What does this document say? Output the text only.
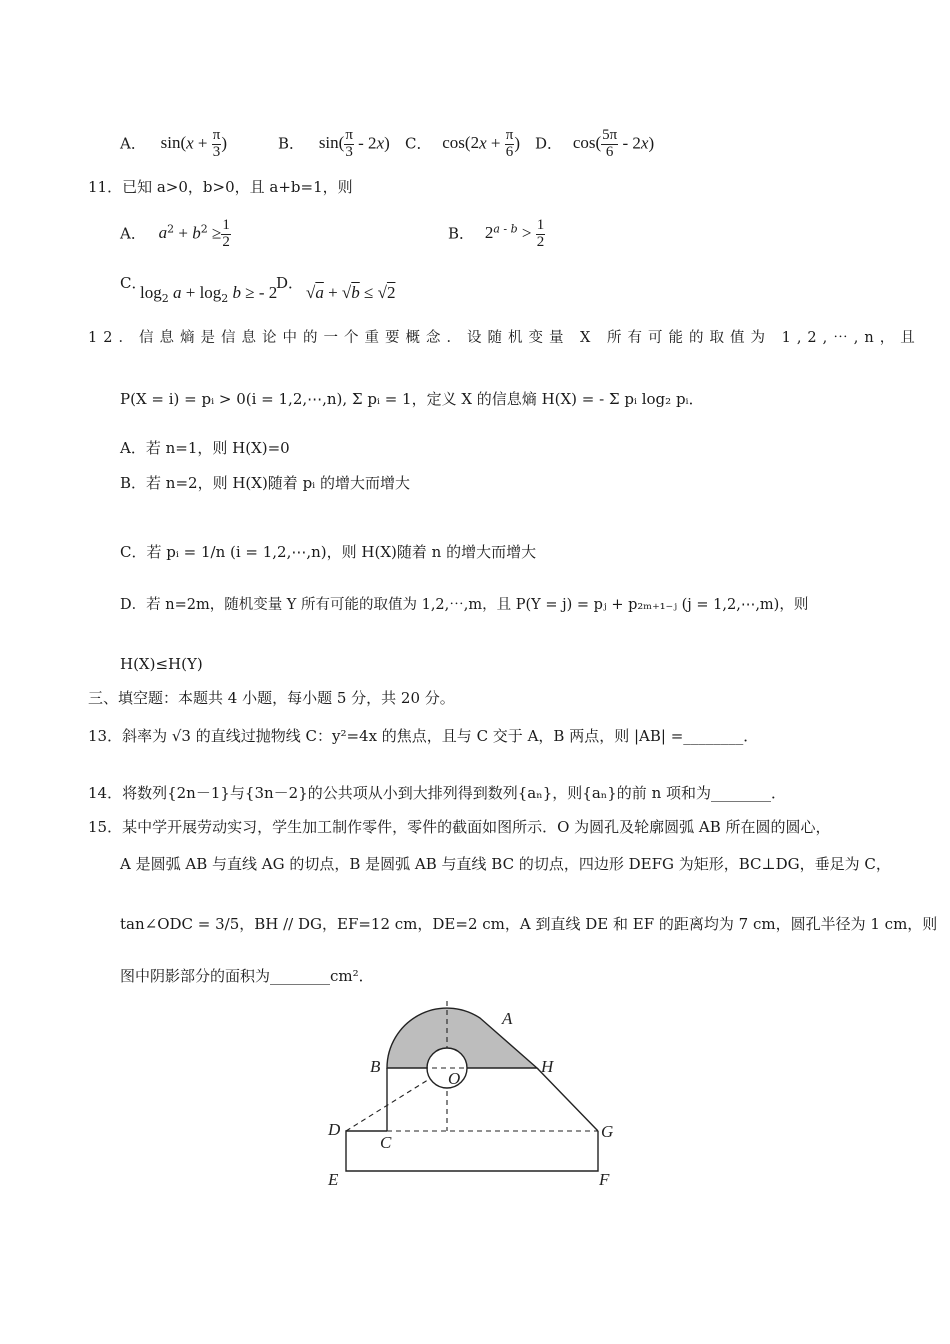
A． $\sin(x + \frac{\pi}{3}$ )	B． $\sin( \frac{\pi}{3} - 2x)$ C． $\cos(2x + \frac{\pi}{6}$ ) D． $\cos( \frac{5\pi}{6} - 2x)$
11．已知 a>0，b>0，且 a+b=1，则
A． $a^2 + b^2 \ge \frac{1}{2}$	B． $2^{a - b} > \frac{1}{2}$
C．
$\log_2 a + \log_2 b$ ≥ - 2
D． √a + √b ≤ √2
12．信息熵是信息论中的一个重要概念．设随机变量 X 所有可能的取值为 1,2,⋯,n，且
P(X = i) = pᵢ > 0(i = 1,2,⋯,n), Σ pᵢ = 1，定义 X 的信息熵 H(X) = - Σ pᵢ log₂ pᵢ．
A．若 n=1，则 H(X)=0
B．若 n=2，则 H(X)随着 pᵢ 的增大而增大
C．若 pᵢ = 1/n (i = 1,2,⋯,n)，则 H(X)随着 n 的增大而增大
D．若 n=2m，随机变量 Y 所有可能的取值为 1,2,⋯,m，且 P(Y = j) = pⱼ + p₂ₘ₊₁₋ⱼ (j = 1,2,⋯,m)，则
H(X)≤H(Y)
三、填空题：本题共 4 小题，每小题 5 分，共 20 分。
13．斜率为 √3 的直线过抛物线 C：y²=4x 的焦点，且与 C 交于 A，B 两点，则 |AB| =________．
14．将数列{2n－1}与{3n－2}的公共项从小到大排列得到数列{aₙ}，则{aₙ}的前 n 项和为________．
15．某中学开展劳动实习，学生加工制作零件，零件的截面如图所示．O 为圆孔及轮廓圆弧 AB 所在圆的圆心，
A 是圆弧 AB 与直线 AG 的切点，B 是圆弧 AB 与直线 BC 的切点，四边形 DEFG 为矩形，BC⊥DG，垂足为 C，
tan∠ODC = 3/5，BH // DG，EF=12 cm，DE=2 cm，A 到直线 DE 和 EF 的距离均为 7 cm，圆孔半径为 1 cm，则
图中阴影部分的面积为________cm²．
A
B	H
O
D
C
G
E	F
